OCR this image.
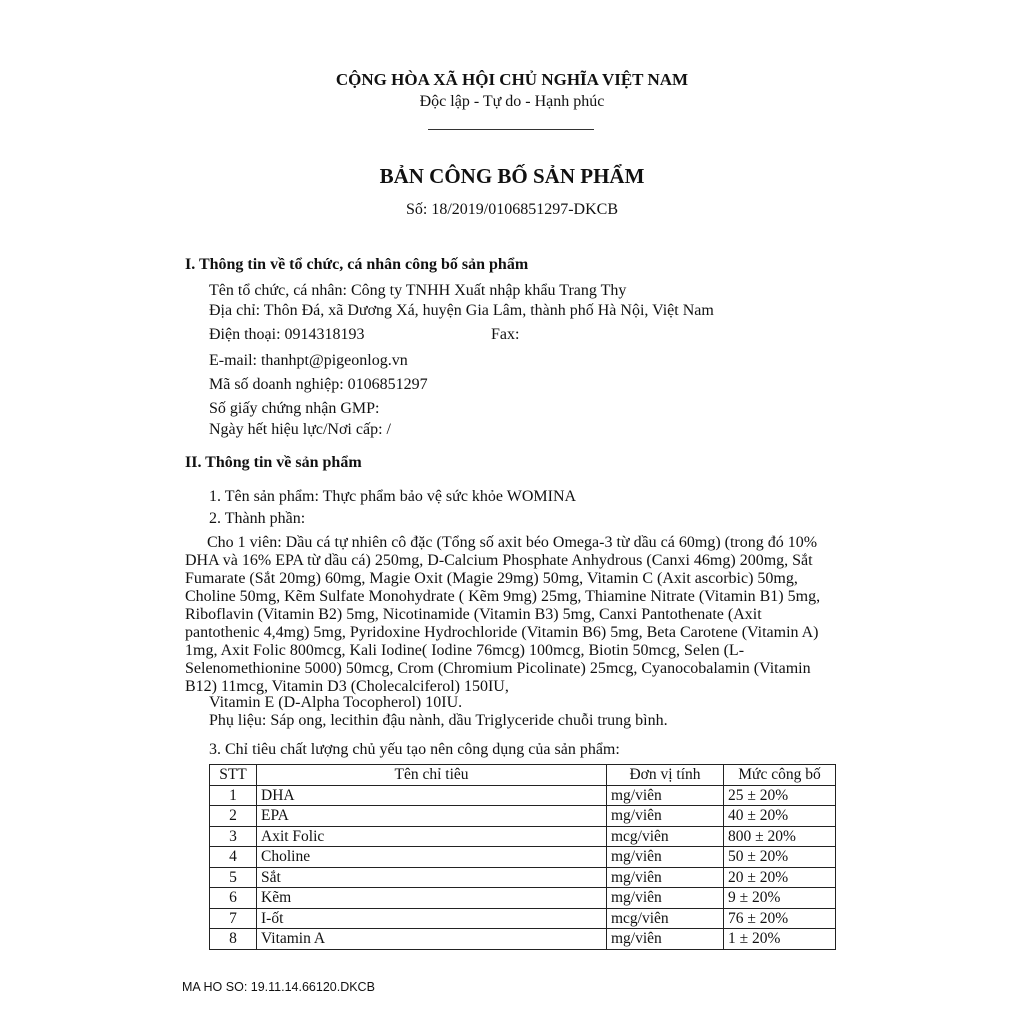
CỘNG HÒA XÃ HỘI CHỦ NGHĨA VIỆT NAM
Độc lập - Tự do - Hạnh phúc
BẢN CÔNG BỐ SẢN PHẨM
Số: 18/2019/0106851297-DKCB
I. Thông tin về tổ chức, cá nhân công bố sản phẩm
Tên tổ chức, cá nhân: Công ty TNHH Xuất nhập khẩu Trang Thy
Địa chỉ: Thôn Đá, xã Dương Xá, huyện Gia Lâm, thành phố Hà Nội, Việt Nam
Điện thoại: 0914318193	Fax:
E-mail: thanhpt@pigeonlog.vn
Mã số doanh nghiệp: 0106851297
Số giấy chứng nhận GMP:
Ngày hết hiệu lực/Nơi cấp: /
II. Thông tin về sản phẩm
1. Tên sản phẩm: Thực phẩm bảo vệ sức khỏe WOMINA
2. Thành phần:
Cho 1 viên: Dầu cá tự nhiên cô đặc (Tổng số axit béo Omega-3 từ dầu cá 60mg) (trong đó 10% DHA và 16% EPA từ dầu cá) 250mg, D-Calcium Phosphate Anhydrous (Canxi 46mg) 200mg, Sắt Fumarate (Sắt 20mg) 60mg, Magie Oxit (Magie 29mg) 50mg, Vitamin C (Axit ascorbic) 50mg, Choline 50mg, Kẽm Sulfate Monohydrate ( Kẽm 9mg) 25mg, Thiamine Nitrate (Vitamin B1) 5mg, Riboflavin (Vitamin B2) 5mg, Nicotinamide (Vitamin B3) 5mg, Canxi Pantothenate (Axit pantothenic 4,4mg) 5mg, Pyridoxine Hydrochloride (Vitamin B6) 5mg, Beta Carotene (Vitamin A) 1mg, Axit Folic 800mcg, Kali Iodine( Iodine 76mcg) 100mcg, Biotin 50mcg, Selen (L-Selenomethionine 5000) 50mcg, Crom (Chromium Picolinate) 25mcg, Cyanocobalamin (Vitamin B12) 11mcg, Vitamin D3 (Cholecalciferol) 150IU,
Vitamin E (D-Alpha Tocopherol) 10IU.
Phụ liệu: Sáp ong, lecithin đậu nành, dầu Triglyceride chuỗi trung bình.
3. Chỉ tiêu chất lượng chủ yếu tạo nên công dụng của sản phẩm:
STT	Tên chỉ tiêu	Đơn vị tính	Mức công bố
1	DHA	mg/viên	25 ± 20%
2	EPA	mg/viên	40 ± 20%
3	Axit Folic	mcg/viên	800 ± 20%
4	Choline	mg/viên	50 ± 20%
5	Sắt	mg/viên	20 ± 20%
6	Kẽm	mg/viên	9 ± 20%
7	I-ốt	mcg/viên	76 ± 20%
8	Vitamin A	mg/viên	1 ± 20%
MA HO SO: 19.11.14.66120.DKCB
